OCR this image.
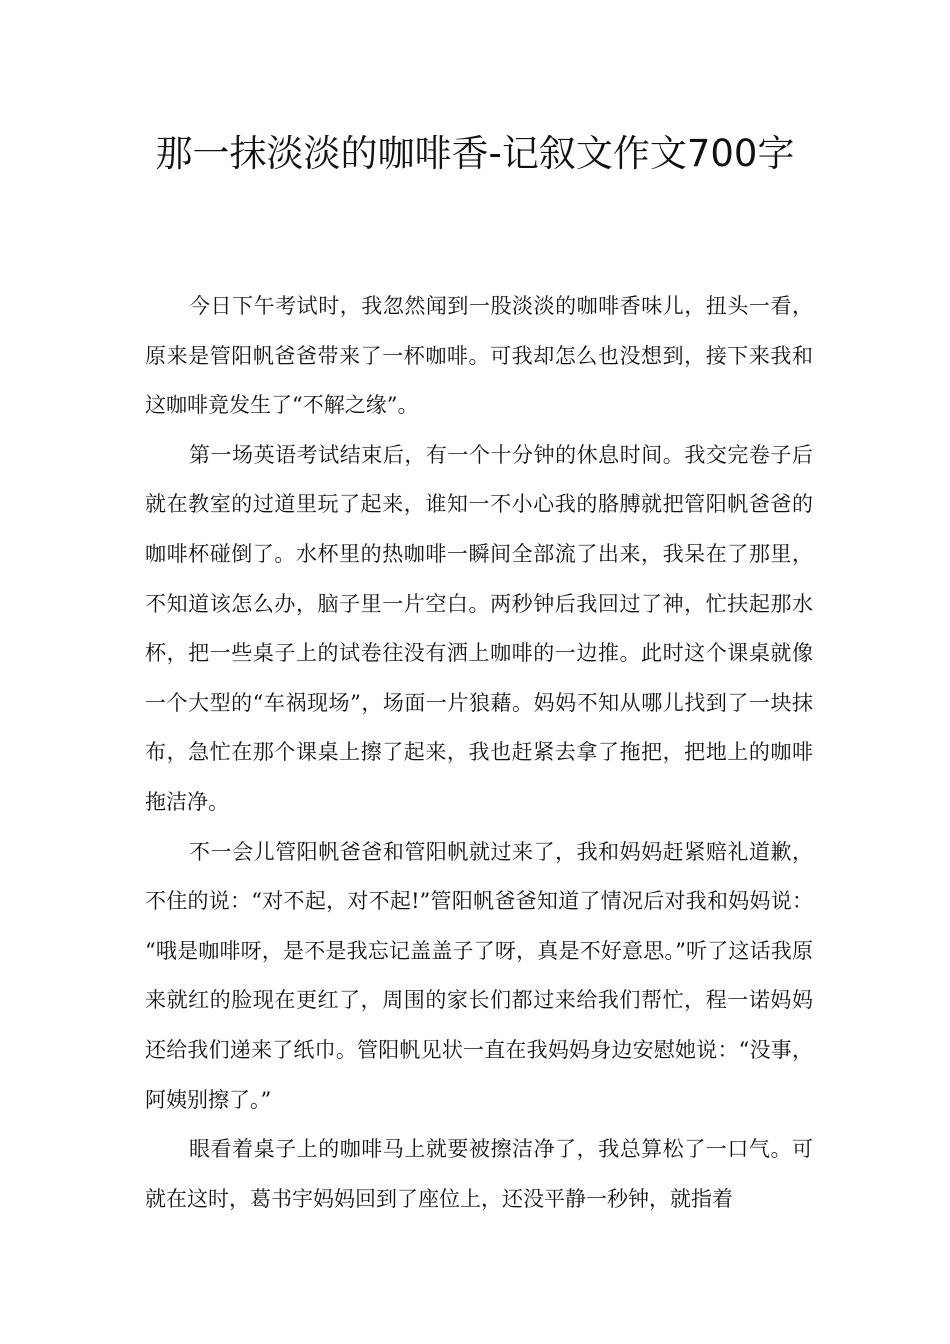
那一抹淡淡的咖啡香-记叙文作文700字

今日下午考试时，我忽然闻到一股淡淡的咖啡香味儿，扭头一看，原来是管阳帆爸爸带来了一杯咖啡。可我却怎么也没想到，接下来我和这咖啡竟发生了“不解之缘”。

第一场英语考试结束后，有一个十分钟的休息时间。我交完卷子后就在教室的过道里玩了起来，谁知一不小心我的胳膊就把管阳帆爸爸的咖啡杯碰倒了。水杯里的热咖啡一瞬间全部流了出来，我呆在了那里，不知道该怎么办，脑子里一片空白。两秒钟后我回过了神，忙扶起那水杯，把一些桌子上的试卷往没有洒上咖啡的一边推。此时这个课桌就像一个大型的“车祸现场”，场面一片狼藉。妈妈不知从哪儿找到了一块抹布，急忙在那个课桌上擦了起来，我也赶紧去拿了拖把，把地上的咖啡拖洁净。

不一会儿管阳帆爸爸和管阳帆就过来了，我和妈妈赶紧赔礼道歉，不住的说：“对不起，对不起!”管阳帆爸爸知道了情况后对我和妈妈说：“哦是咖啡呀，是不是我忘记盖盖子了呀，真是不好意思。”听了这话我原来就红的脸现在更红了，周围的家长们都过来给我们帮忙，程一诺妈妈还给我们递来了纸巾。管阳帆见状一直在我妈妈身边安慰她说：“没事，阿姨别擦了。”

眼看着桌子上的咖啡马上就要被擦洁净了，我总算松了一口气。可就在这时，葛书宇妈妈回到了座位上，还没平静一秒钟，就指着
